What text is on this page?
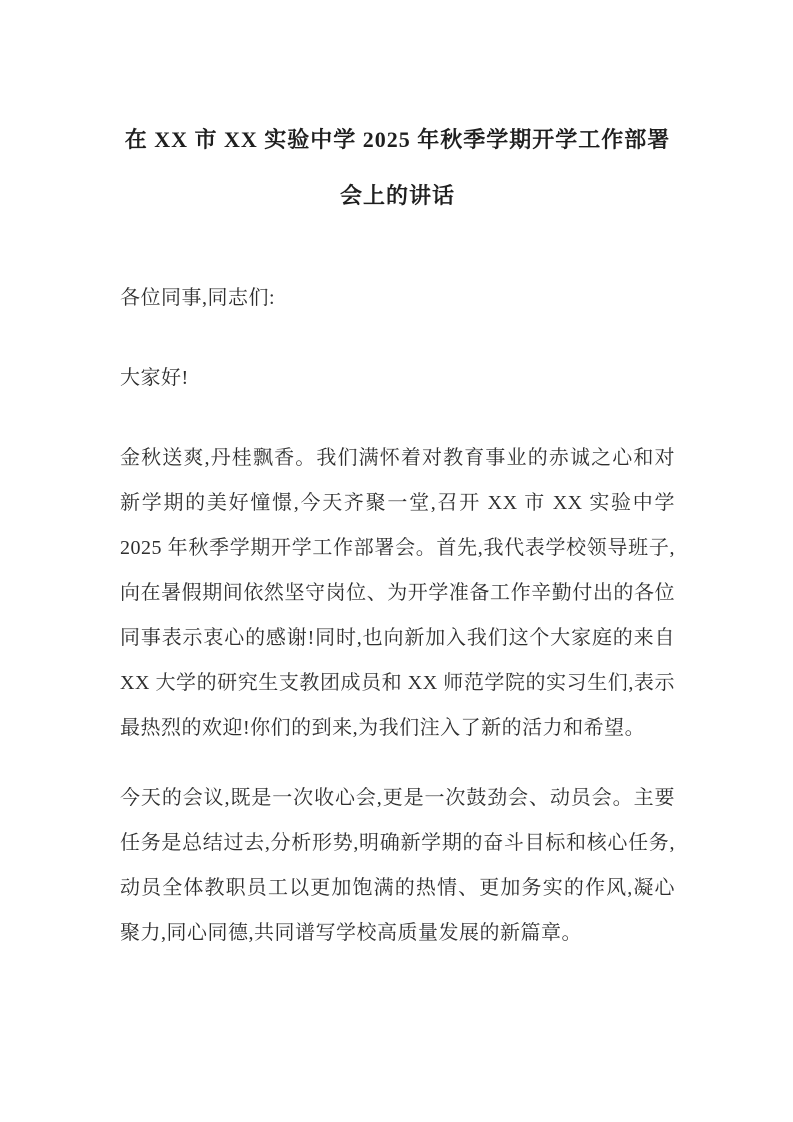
在 XX 市 XX 实验中学 2025 年秋季学期开学工作部署会上的讲话

各位同事,同志们:

大家好!

金秋送爽,丹桂飘香。我们满怀着对教育事业的赤诚之心和对新学期的美好憧憬,今天齐聚一堂,召开 XX 市 XX 实验中学 2025 年秋季学期开学工作部署会。首先,我代表学校领导班子,向在暑假期间依然坚守岗位、为开学准备工作辛勤付出的各位同事表示衷心的感谢!同时,也向新加入我们这个大家庭的来自 XX 大学的研究生支教团成员和 XX 师范学院的实习生们,表示最热烈的欢迎!你们的到来,为我们注入了新的活力和希望。

今天的会议,既是一次收心会,更是一次鼓劲会、动员会。主要任务是总结过去,分析形势,明确新学期的奋斗目标和核心任务,动员全体教职员工以更加饱满的热情、更加务实的作风,凝心聚力,同心同德,共同谱写学校高质量发展的新篇章。
